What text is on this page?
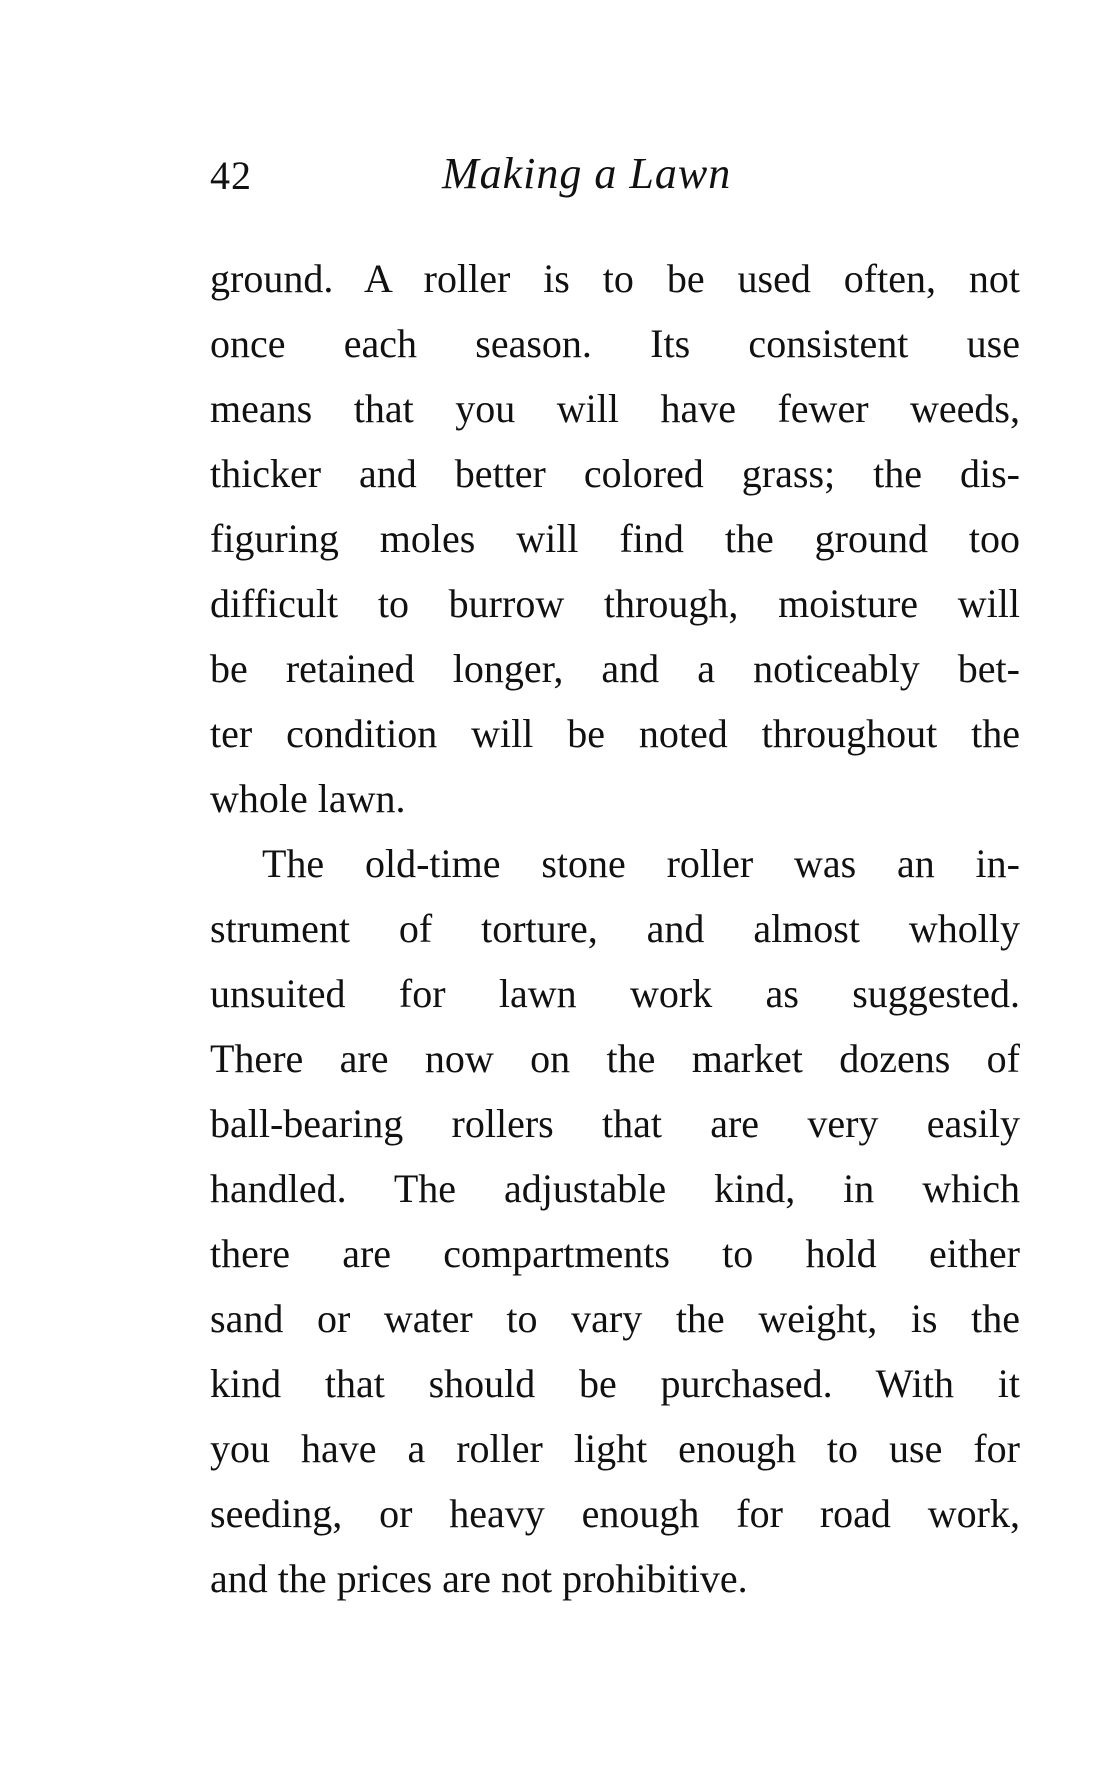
42	Making a Lawn
ground. A roller is to be used often, not
once each season. Its consistent use
means that you will have fewer weeds,
thicker and better colored grass; the dis-
figuring moles will find the ground too
difficult to burrow through, moisture will
be retained longer, and a noticeably bet-
ter condition will be noted throughout the
whole lawn.
The old-time stone roller was an in-
strument of torture, and almost wholly
unsuited for lawn work as suggested.
There are now on the market dozens of
ball-bearing rollers that are very easily
handled. The adjustable kind, in which
there are compartments to hold either
sand or water to vary the weight, is the
kind that should be purchased. With it
you have a roller light enough to use for
seeding, or heavy enough for road work,
and the prices are not prohibitive.
